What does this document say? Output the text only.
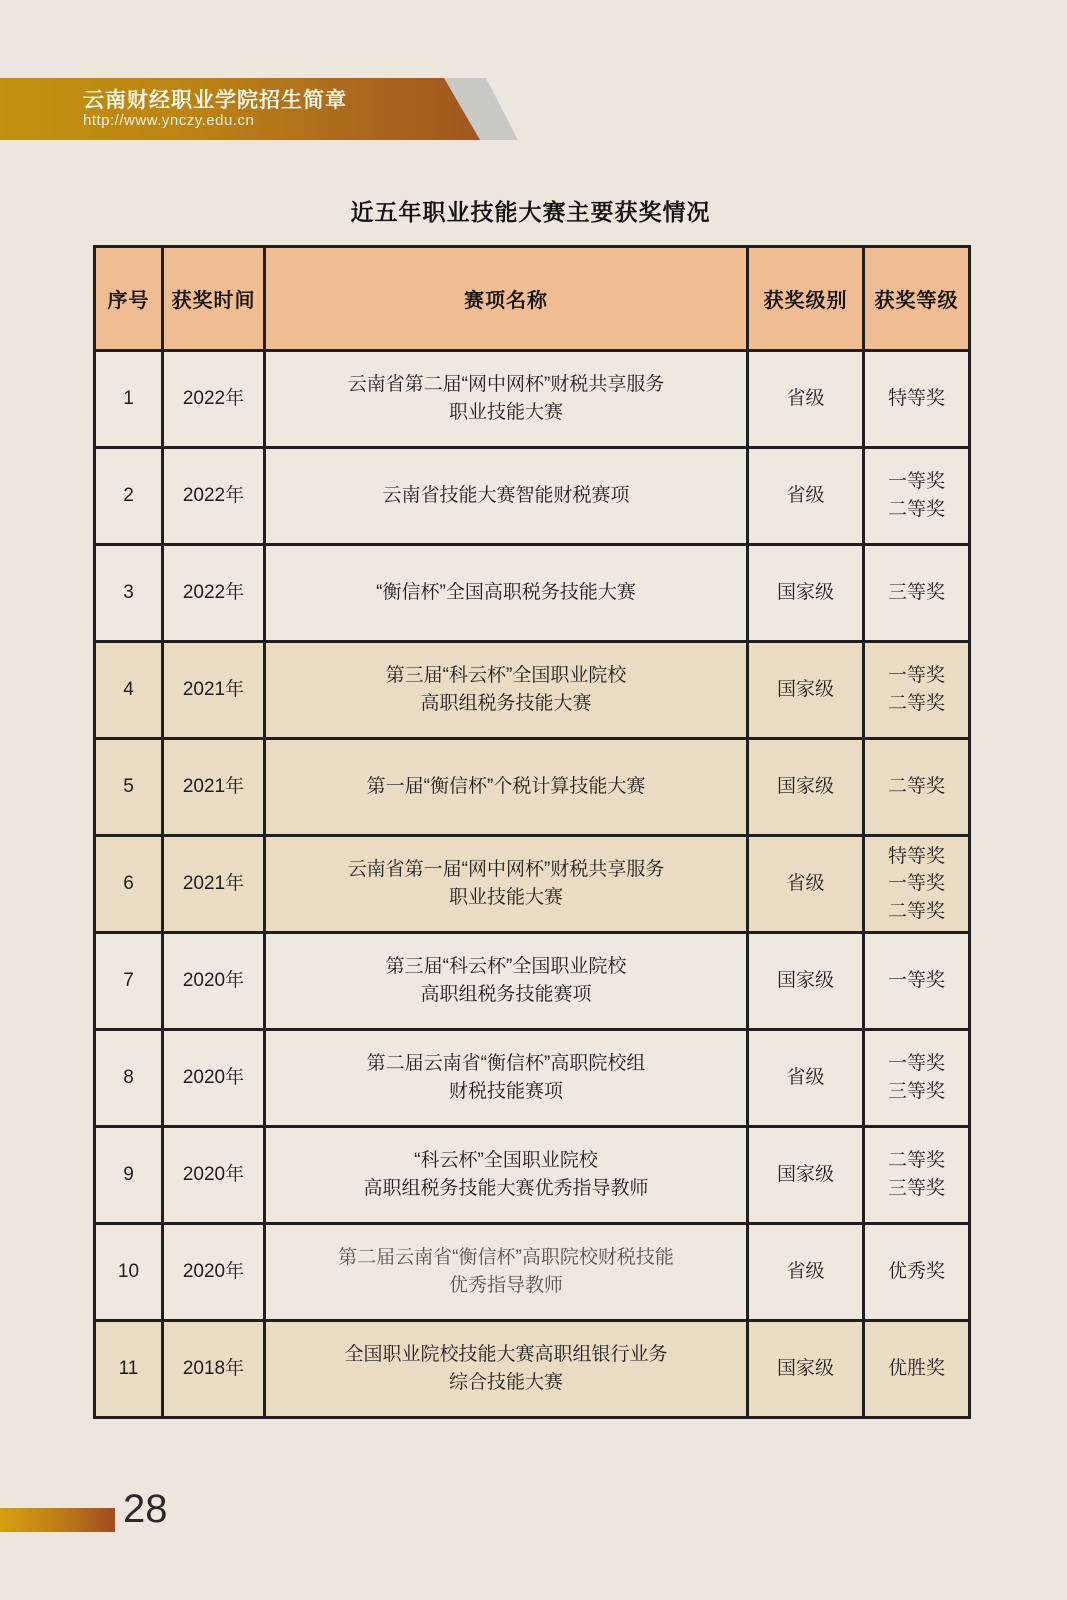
云南财经职业学院招生简章
http://www.ynczy.edu.cn
近五年职业技能大赛主要获奖情况
序号	获奖时间	赛项名称	获奖级别	获奖等级
1	2022年	云南省第二届“网中网杯”财税共享服务
职业技能大赛	省级	特等奖

2	2022年	云南省技能大赛智能财税赛项	省级	一等奖
二等奖

3	2022年	“衡信杯”全国高职税务技能大赛	国家级	三等奖

4	2021年	第三届“科云杯”全国职业院校
高职组税务技能大赛	国家级	一等奖
二等奖

5	2021年	第一届“衡信杯”个税计算技能大赛	国家级	二等奖

6	2021年	云南省第一届“网中网杯”财税共享服务
职业技能大赛	省级	特等奖
一等奖
二等奖

7	2020年	第三届“科云杯”全国职业院校
高职组税务技能赛项	国家级	一等奖

8	2020年	第二届云南省“衡信杯”高职院校组
财税技能赛项	省级	一等奖
三等奖

9	2020年	“科云杯”全国职业院校
高职组税务技能大赛优秀指导教师	国家级	二等奖
三等奖

10	2020年	第二届云南省“衡信杯”高职院校财税技能
优秀指导教师	省级	优秀奖

11	2018年	全国职业院校技能大赛高职组银行业务
综合技能大赛	国家级	优胜奖
28
